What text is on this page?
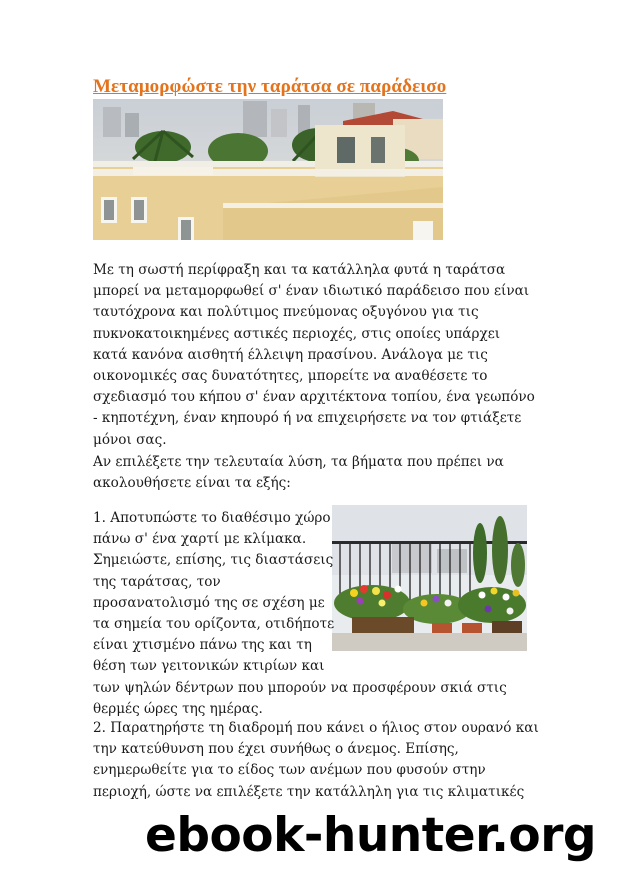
Μεταμορφώστε την ταράτσα σε παράδεισο
Με τη σωστή περίφραξη και τα κατάλληλα φυτά η ταράτσα
μπορεί να μεταμορφωθεί σ' έναν ιδιωτικό παράδεισο που είναι
ταυτόχρονα και πολύτιμος πνεύμονας οξυγόνου για τις
πυκνοκατοικημένες αστικές περιοχές, στις οποίες υπάρχει
κατά κανόνα αισθητή έλλειψη πρασίνου. Ανάλογα με τις
οικονομικές σας δυνατότητες, μπορείτε να αναθέσετε το
σχεδιασμό του κήπου σ' έναν αρχιτέκτονα τοπίου, ένα γεωπόνο
- κηποτέχνη, έναν κηπουρό ή να επιχειρήσετε να τον φτιάξετε
μόνοι σας.
Αν επιλέξετε την τελευταία λύση, τα βήματα που πρέπει να
ακολουθήσετε είναι τα εξής:
1. Αποτυπώστε το διαθέσιμο χώρο
πάνω σ' ένα χαρτί με κλίμακα.
Σημειώστε, επίσης, τις διαστάσεις
της ταράτσας, τον
προσανατολισμό της σε σχέση με
τα σημεία του ορίζοντα, οτιδήποτε
είναι χτισμένο πάνω της και τη
θέση των γειτονικών κτιρίων και
των ψηλών δέντρων που μπορούν να προσφέρουν σκιά στις
θερμές ώρες της ημέρας.
2. Παρατηρήστε τη διαδρομή που κάνει ο ήλιος στον ουρανό και
την κατεύθυνση που έχει συνήθως ο άνεμος. Επίσης,
ενημερωθείτε για το είδος των ανέμων που φυσούν στην
περιοχή, ώστε να επιλέξετε την κατάλληλη για τις κλιματικές
ebook-hunter.org
